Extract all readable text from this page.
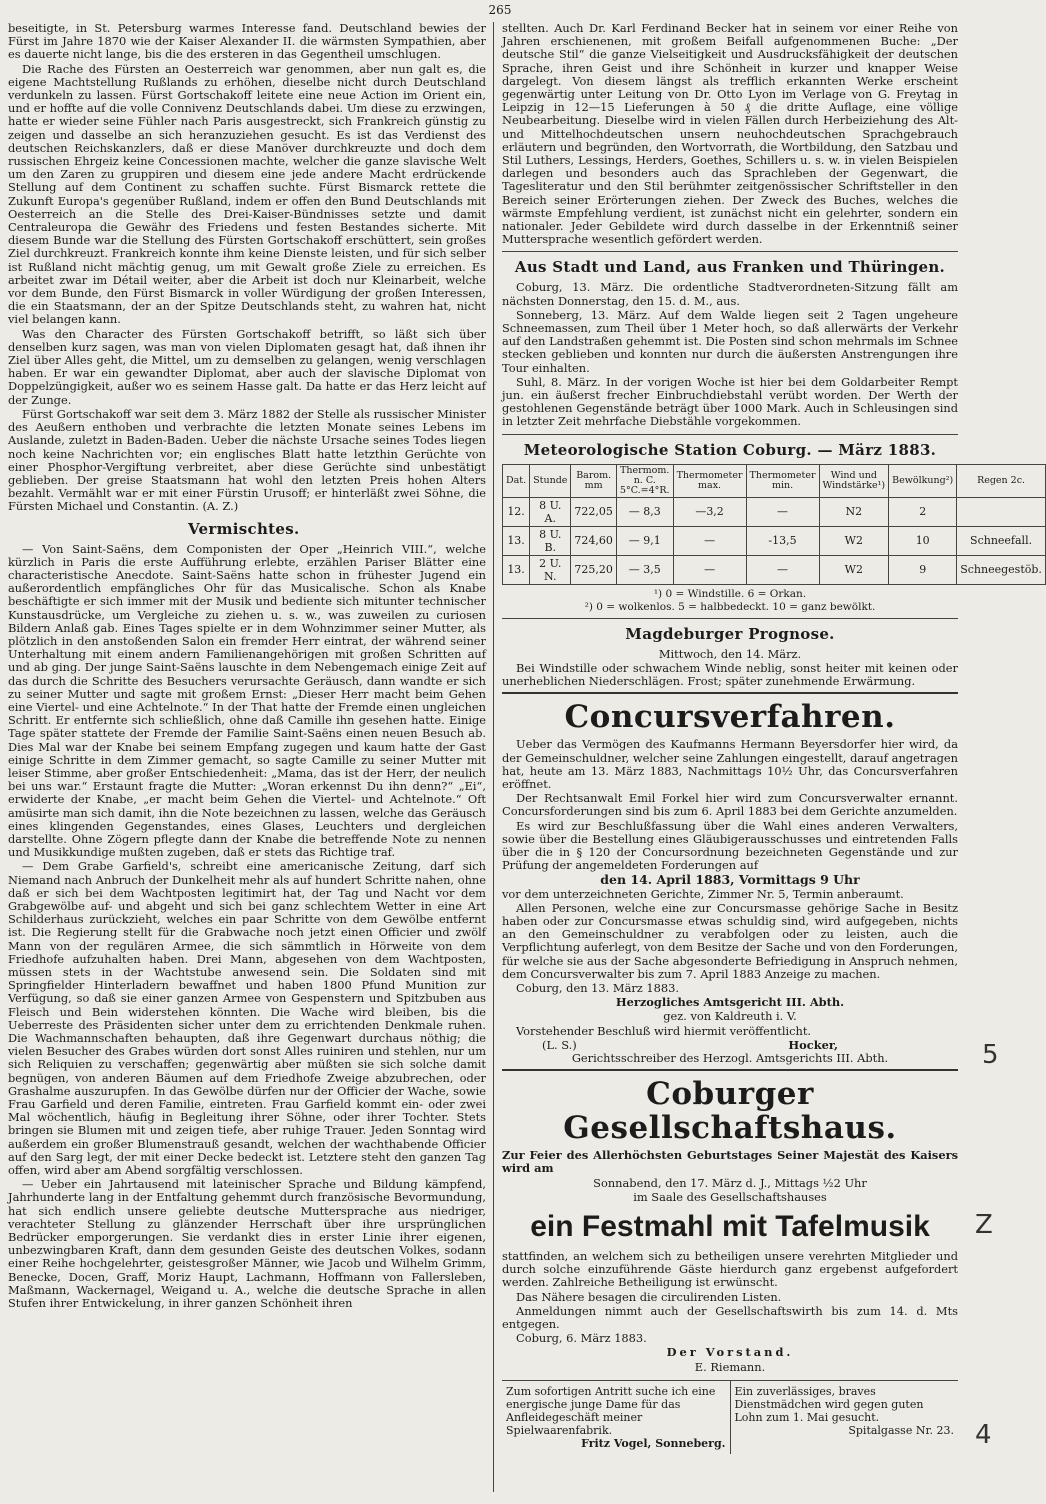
265

beseitigte, in St. Petersburg warmes Interesse fand. Deutschland bewies der Fürst im Jahre 1870 wie der Kaiser Alexander II. die wärmsten Sympathien, aber es dauerte nicht lange, bis die des ersteren in das Gegentheil umschlugen.

Die Rache des Fürsten an Oesterreich war genommen, aber nun galt es, die eigene Machtstellung Rußlands zu erhöhen, dieselbe nicht durch Deutschland verdunkeln zu lassen. Fürst Gortschakoff leitete eine neue Action im Orient ein, und er hoffte auf die volle Connivenz Deutschlands dabei. Um diese zu erzwingen, hatte er wieder seine Fühler nach Paris ausgestreckt, sich Frankreich günstig zu zeigen und dasselbe an sich heranzuziehen gesucht. Es ist das Verdienst des deutschen Reichskanzlers, daß er diese Manöver durchkreuzte und doch dem russischen Ehrgeiz keine Concessionen machte, welcher die ganze slavische Welt um den Zaren zu gruppiren und diesem eine jede andere Macht erdrückende Stellung auf dem Continent zu schaffen suchte. Fürst Bismarck rettete die Zukunft Europa's gegenüber Rußland, indem er offen den Bund Deutschlands mit Oesterreich an die Stelle des Drei-Kaiser-Bündnisses setzte und damit Centraleuropa die Gewähr des Friedens und festen Bestandes sicherte. Mit diesem Bunde war die Stellung des Fürsten Gortschakoff erschüttert, sein großes Ziel durchkreuzt. Frankreich konnte ihm keine Dienste leisten, und für sich selber ist Rußland nicht mächtig genug, um mit Gewalt große Ziele zu erreichen. Es arbeitet zwar im Détail weiter, aber die Arbeit ist doch nur Kleinarbeit, welche vor dem Bunde, den Fürst Bismarck in voller Würdigung der großen Interessen, die ein Staatsmann, der an der Spitze Deutschlands steht, zu wahren hat, nicht viel belangen kann.

Was den Character des Fürsten Gortschakoff betrifft, so läßt sich über denselben kurz sagen, was man von vielen Diplomaten gesagt hat, daß ihnen ihr Ziel über Alles geht, die Mittel, um zu demselben zu gelangen, wenig verschlagen haben. Er war ein gewandter Diplomat, aber auch der slavische Diplomat von Doppelzüngigkeit, außer wo es seinem Hasse galt. Da hatte er das Herz leicht auf der Zunge.

Fürst Gortschakoff war seit dem 3. März 1882 der Stelle als russischer Minister des Aeußern enthoben und verbrachte die letzten Monate seines Lebens im Auslande, zuletzt in Baden-Baden. Ueber die nächste Ursache seines Todes liegen noch keine Nachrichten vor; ein englisches Blatt hatte letzthin Gerüchte von einer Phosphor-Vergiftung verbreitet, aber diese Gerüchte sind unbestätigt geblieben. Der greise Staatsmann hat wohl den letzten Preis hohen Alters bezahlt. Vermählt war er mit einer Fürstin Urusoff; er hinterläßt zwei Söhne, die Fürsten Michael und Constantin. (A. Z.)

Vermischtes.

— Von Saint-Saëns, dem Componisten der Oper „Heinrich VIII.“, welche kürzlich in Paris die erste Aufführung erlebte, erzählen Pariser Blätter eine characteristische Anecdote. Saint-Saëns hatte schon in frühester Jugend ein außerordentlich empfängliches Ohr für das Musicalische. Schon als Knabe beschäftigte er sich immer mit der Musik und bediente sich mitunter technischer Kunstausdrücke, um Vergleiche zu ziehen u. s. w., was zuweilen zu curiosen Bildern Anlaß gab. Eines Tages spielte er in dem Wohnzimmer seiner Mutter, als plötzlich in den anstoßenden Salon ein fremder Herr eintrat, der während seiner Unterhaltung mit einem andern Familienangehörigen mit großen Schritten auf und ab ging. Der junge Saint-Saëns lauschte in dem Nebengemach einige Zeit auf das durch die Schritte des Besuchers verursachte Geräusch, dann wandte er sich zu seiner Mutter und sagte mit großem Ernst: „Dieser Herr macht beim Gehen eine Viertel- und eine Achtelnote.“ In der That hatte der Fremde einen ungleichen Schritt. Er entfernte sich schließlich, ohne daß Camille ihn gesehen hatte. Einige Tage später stattete der Fremde der Familie Saint-Saëns einen neuen Besuch ab. Dies Mal war der Knabe bei seinem Empfang zugegen und kaum hatte der Gast einige Schritte in dem Zimmer gemacht, so sagte Camille zu seiner Mutter mit leiser Stimme, aber großer Entschiedenheit: „Mama, das ist der Herr, der neulich bei uns war.“ Erstaunt fragte die Mutter: „Woran erkennst Du ihn denn?“ „Ei“, erwiderte der Knabe, „er macht beim Gehen die Viertel- und Achtelnote.“ Oft amüsirte man sich damit, ihn die Note bezeichnen zu lassen, welche das Geräusch eines klingenden Gegenstandes, eines Glases, Leuchters und dergleichen darstellte. Ohne Zögern pflegte dann der Knabe die betreffende Note zu nennen und Musikkundige mußten zugeben, daß er stets das Richtige traf.

— Dem Grabe Garfield's, schreibt eine americanische Zeitung, darf sich Niemand nach Anbruch der Dunkelheit mehr als auf hundert Schritte nahen, ohne daß er sich bei dem Wachtposten legitimirt hat, der Tag und Nacht vor dem Grabgewölbe auf- und abgeht und sich bei ganz schlechtem Wetter in eine Art Schilderhaus zurückzieht, welches ein paar Schritte von dem Gewölbe entfernt ist. Die Regierung stellt für die Grabwache noch jetzt einen Officier und zwölf Mann von der regulären Armee, die sich sämmtlich in Hörweite von dem Friedhofe aufzuhalten haben. Drei Mann, abgesehen von dem Wachtposten, müssen stets in der Wachtstube anwesend sein. Die Soldaten sind mit Springfielder Hinterladern bewaffnet und haben 1800 Pfund Munition zur Verfügung, so daß sie einer ganzen Armee von Gespenstern und Spitzbuben aus Fleisch und Bein widerstehen könnten. Die Wache wird bleiben, bis die Ueberreste des Präsidenten sicher unter dem zu errichtenden Denkmale ruhen. Die Wachmannschaften behaupten, daß ihre Gegenwart durchaus nöthig; die vielen Besucher des Grabes würden dort sonst Alles ruiniren und stehlen, nur um sich Reliquien zu verschaffen; gegenwärtig aber müßten sie sich solche damit begnügen, von anderen Bäumen auf dem Friedhofe Zweige abzubrechen, oder Grashalme auszurupfen. In das Gewölbe dürfen nur der Officier der Wache, sowie Frau Garfield und deren Familie, eintreten. Frau Garfield kommt ein- oder zwei Mal wöchentlich, häufig in Begleitung ihrer Söhne, oder ihrer Tochter. Stets bringen sie Blumen mit und zeigen tiefe, aber ruhige Trauer. Jeden Sonntag wird außerdem ein großer Blumenstrauß gesandt, welchen der wachthabende Officier auf den Sarg legt, der mit einer Decke bedeckt ist. Letztere steht den ganzen Tag offen, wird aber am Abend sorgfältig verschlossen.

— Ueber ein Jahrtausend mit lateinischer Sprache und Bildung kämpfend, Jahrhunderte lang in der Entfaltung gehemmt durch französische Bevormundung, hat sich endlich unsere geliebte deutsche Muttersprache aus niedriger, verachteter Stellung zu glänzender Herrschaft über ihre ursprünglichen Bedrücker emporgerungen. Sie verdankt dies in erster Linie ihrer eigenen, unbezwingbaren Kraft, dann dem gesunden Geiste des deutschen Volkes, sodann einer Reihe hochgelehrter, geistesgroßer Männer, wie Jacob und Wilhelm Grimm, Benecke, Docen, Graff, Moriz Haupt, Lachmann, Hoffmann von Fallersleben, Maßmann, Wackernagel, Weigand u. A., welche die deutsche Sprache in allen Stufen ihrer Entwickelung, in ihrer ganzen Schönheit ihren

stellten. Auch Dr. Karl Ferdinand Becker hat in seinem vor einer Reihe von Jahren erschienenen, mit großem Beifall aufgenommenen Buche: „Der deutsche Stil“ die ganze Vielseitigkeit und Ausdrucksfähigkeit der deutschen Sprache, ihren Geist und ihre Schönheit in kurzer und knapper Weise dargelegt. Von diesem längst als trefflich erkannten Werke erscheint gegenwärtig unter Leitung von Dr. Otto Lyon im Verlage von G. Freytag in Leipzig in 12—15 Lieferungen à 50 ₰ die dritte Auflage, eine völlige Neubearbeitung. Dieselbe wird in vielen Fällen durch Herbeiziehung des Alt- und Mittelhochdeutschen unsern neuhochdeutschen Sprachgebrauch erläutern und begründen, den Wortvorrath, die Wortbildung, den Satzbau und Stil Luthers, Lessings, Herders, Goethes, Schillers u. s. w. in vielen Beispielen darlegen und besonders auch das Sprachleben der Gegenwart, die Tagesliteratur und den Stil berühmter zeitgenössischer Schriftsteller in den Bereich seiner Erörterungen ziehen. Der Zweck des Buches, welches die wärmste Empfehlung verdient, ist zunächst nicht ein gelehrter, sondern ein nationaler. Jeder Gebildete wird durch dasselbe in der Erkenntniß seiner Muttersprache wesentlich gefördert werden.

Aus Stadt und Land, aus Franken und Thüringen.

Coburg, 13. März. Die ordentliche Stadtverordneten-Sitzung fällt am nächsten Donnerstag, den 15. d. M., aus.

Sonneberg, 13. März. Auf dem Walde liegen seit 2 Tagen ungeheure Schneemassen, zum Theil über 1 Meter hoch, so daß allerwärts der Verkehr auf den Landstraßen gehemmt ist. Die Posten sind schon mehrmals im Schnee stecken geblieben und konnten nur durch die äußersten Anstrengungen ihre Tour einhalten.

Suhl, 8. März. In der vorigen Woche ist hier bei dem Goldarbeiter Rempt jun. ein äußerst frecher Einbruchdiebstahl verübt worden. Der Werth der gestohlenen Gegenstände beträgt über 1000 Mark. Auch in Schleusingen sind in letzter Zeit mehrfache Diebstähle vorgekommen.

Meteorologische Station Coburg. — März 1883.
Dat.	Stunde	Barom. mm	Thermom. n. C. 5°C.=4°R.	Thermometer max.	Thermometer min.	Wind und Windstärke¹)	Bewölkung²)	Regen 2c.
12.	8 U. A.	722,05	— 8,3	—3,2	—	N2	2	
13.	8 U. B.	724,60	— 9,1	—	-13,5	W2	10	Schneefall.
13.	2 U. N.	725,20	— 3,5	—	—	W2	9	Schneegestöb.

¹) 0 = Windstille. 6 = Orkan.

²) 0 = wolkenlos. 5 = halbbedeckt. 10 = ganz bewölkt.

Magdeburger Prognose.

Mittwoch, den 14. März.

Bei Windstille oder schwachem Winde neblig, sonst heiter mit keinen oder unerheblichen Niederschlägen. Frost; später zunehmende Erwärmung.

Concursverfahren.

Ueber das Vermögen des Kaufmanns Hermann Beyersdorfer hier wird, da der Gemeinschuldner, welcher seine Zahlungen eingestellt, darauf angetragen hat, heute am 13. März 1883, Nachmittags 10½ Uhr, das Concursverfahren eröffnet.

Der Rechtsanwalt Emil Forkel hier wird zum Concursverwalter ernannt. Concursforderungen sind bis zum 6. April 1883 bei dem Gerichte anzumelden.

Es wird zur Beschlußfassung über die Wahl eines anderen Verwalters, sowie über die Bestellung eines Gläubigerausschusses und eintretenden Falls über die in § 120 der Concursordnung bezeichneten Gegenstände und zur Prüfung der angemeldeten Forderungen auf

den 14. April 1883, Vormittags 9 Uhr

vor dem unterzeichneten Gerichte, Zimmer Nr. 5, Termin anberaumt.

Allen Personen, welche eine zur Concursmasse gehörige Sache in Besitz haben oder zur Concursmasse etwas schuldig sind, wird aufgegeben, nichts an den Gemeinschuldner zu verabfolgen oder zu leisten, auch die Verpflichtung auferlegt, von dem Besitze der Sache und von den Forderungen, für welche sie aus der Sache abgesonderte Befriedigung in Anspruch nehmen, dem Concursverwalter bis zum 7. April 1883 Anzeige zu machen.

Coburg, den 13. März 1883.

Herzogliches Amtsgericht III. Abth.

gez. von Kaldreuth i. V.

Vorstehender Beschluß wird hiermit veröffentlicht.

(L. S.)	Hocker,

Gerichtsschreiber des Herzogl. Amtsgerichts III. Abth.

Coburger Gesellschaftshaus.

Zur Feier des Allerhöchsten Geburtstages Seiner Majestät des Kaisers wird am

Sonnabend, den 17. März d. J., Mittags ½2 Uhr

im Saale des Gesellschaftshauses

ein Festmahl mit Tafelmusik

stattfinden, an welchem sich zu betheiligen unsere verehrten Mitglieder und durch solche einzuführende Gäste hierdurch ganz ergebenst aufgefordert werden. Zahlreiche Betheiligung ist erwünscht.

Das Nähere besagen die circulirenden Listen.

Anmeldungen nimmt auch der Gesellschaftswirth bis zum 14. d. Mts entgegen.

Coburg, 6. März 1883.

Der Vorstand.

E. Riemann.

Zum sofortigen Antritt suche ich eine energische junge Dame für das Anfleidegeschäft meiner Spielwaarenfabrik.
Fritz Vogel, Sonneberg.
Ein zuverlässiges, braves Dienstmädchen wird gegen guten Lohn zum 1. Mai gesucht.
Spitalgasse Nr. 23.
5
Z
4
